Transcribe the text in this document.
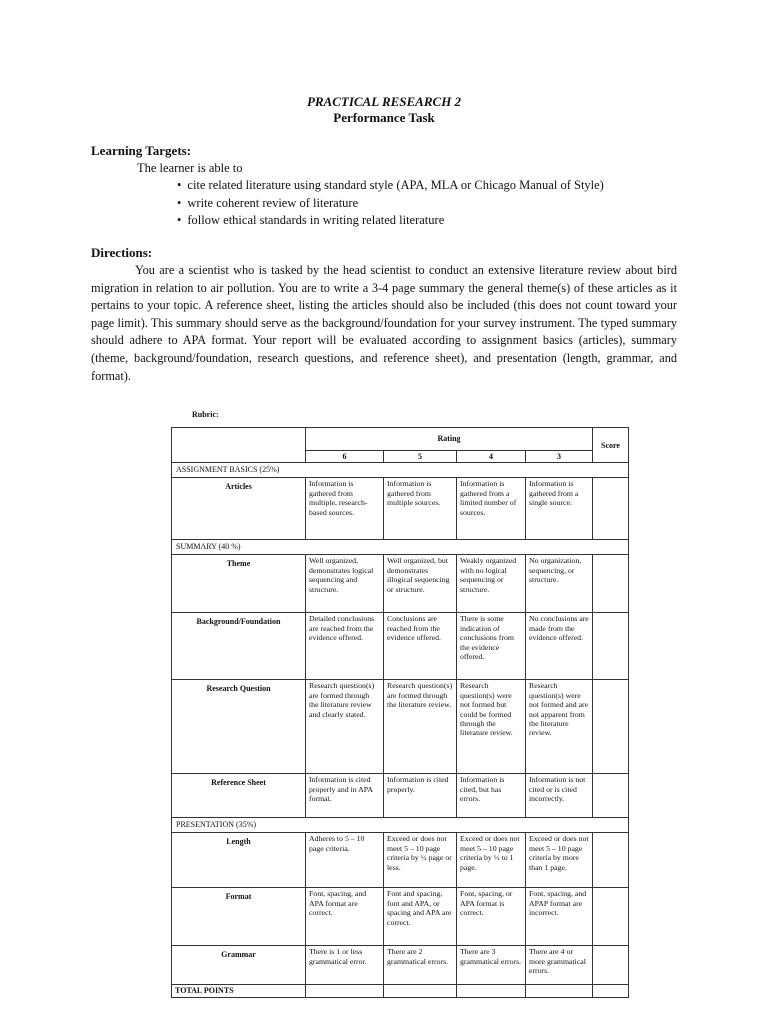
PRACTICAL RESEARCH 2
Performance Task
Learning Targets:
The learner is able to
• cite related literature using standard style (APA, MLA or Chicago Manual of Style)
• write coherent review of literature
• follow ethical standards in writing related literature
Directions:

You are a scientist who is tasked by the head scientist to conduct an extensive literature review about bird migration in relation to air pollution. You are to write a 3-4 page summary the general theme(s) of these articles as it pertains to your topic. A reference sheet, listing the articles should also be included (this does not count toward your page limit). This summary should serve as the background/foundation for your survey instrument. The typed summary should adhere to APA format. Your report will be evaluated according to assignment basics (articles), summary (theme, background/foundation, research questions, and reference sheet), and presentation (length, grammar, and format).

Rubric:
	Rating				Score
	6	5	4	3	
ASSIGNMENT BASICS (25%)					
Articles	Information is gathered from multiple, research-based sources.	Information is gathered from multiple sources.	Information is gathered from a limited number of sources.	Information is gathered from a single source.	
SUMMARY (40 %)					
Theme	Well organized, demonstrates logical sequencing and structure.	Well organized, but demonstrates illogical sequencing or structure.	Weakly organized with no logical sequencing or structure.	No organization, sequencing, or structure.	
Background/Foundation	Detailed conclusions are reached from the evidence offered.	Conclusions are reached from the evidence offered.	There is some indication of conclusions from the evidence offered.	No conclusions are made from the evidence offered.	
Research Question	Research question(s) are formed through the literature review and clearly stated.	Research question(s) are formed through the literature review.	Research question(s) were not formed but could be formed through the literature review.	Research question(s) were not formed and are not apparent from the literature review.	
Reference Sheet	Information is cited properly and in APA format.	Information is cited properly.	Information is cited, but has errors.	Information is not cited or is cited incorrectly.	
PRESENTATION (35%)					
Length	Adheres to 5 – 10 page criteria.	Exceed or does not meet 5 – 10 page criteria by ½ page or less.	Exceed or does not meet 5 – 10 page criteria by ½ to 1 page.	Exceed or does not meet 5 – 10 page criteria by more than 1 page.	
Format	Font, spacing, and APA format are correct.	Font and spacing, font and APA, or spacing and APA are correct.	Font, spacing, or APA format is correct.	Font, spacing, and APAP format are incorrect.	
Grammar	There is 1 or less grammatical error.	There are 2 grammatical errors.	There are 3 grammatical errors.	There are 4 or more grammatical errors.	
TOTAL POINTS					
